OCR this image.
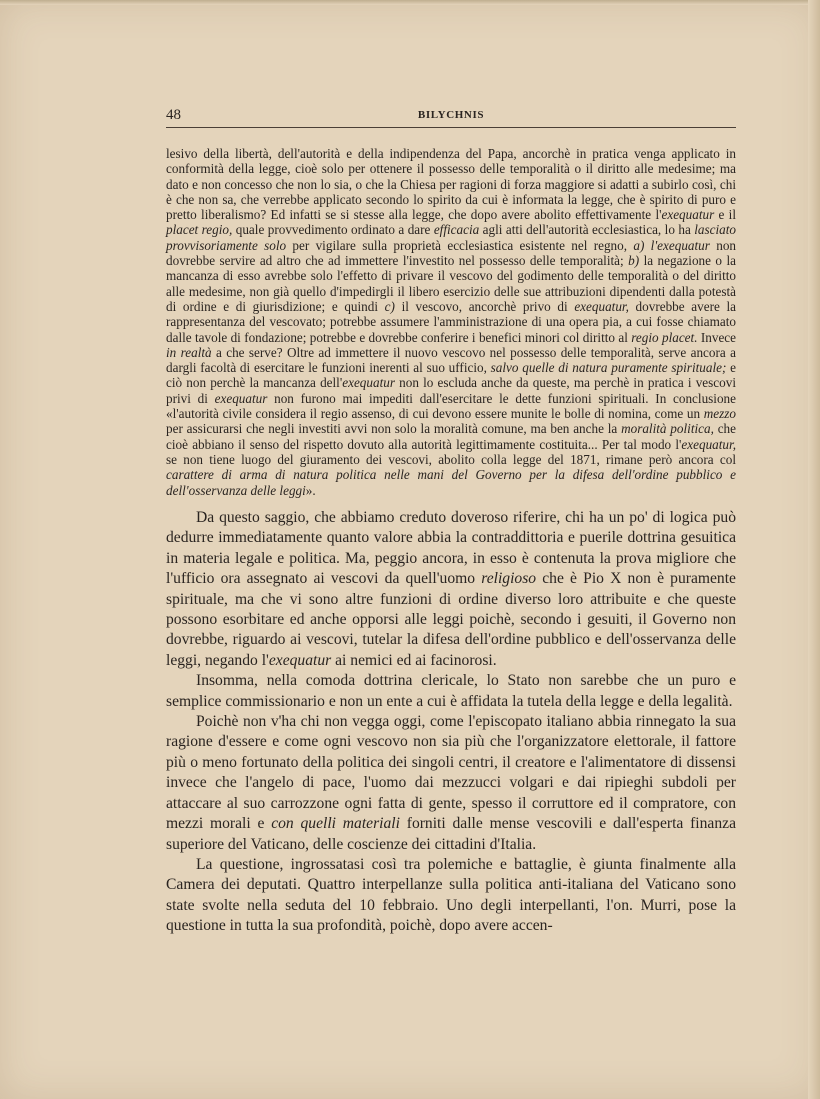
48	BILYCHNIS

lesivo della libertà, dell'autorità e della indipendenza del Papa, ancorchè in pratica venga applicato in conformità della legge, cioè solo per ottenere il possesso delle temporalità o il diritto alle medesime; ma dato e non concesso che non lo sia, o che la Chiesa per ragioni di forza maggiore si adatti a subirlo così, chi è che non sa, che verrebbe applicato secondo lo spirito da cui è informata la legge, che è spirito di puro e pretto liberalismo? Ed infatti se si stesse alla legge, che dopo avere abolito effettivamente l'exequatur e il placet regio, quale provvedimento ordinato a dare efficacia agli atti dell'autorità ecclesiastica, lo ha lasciato provvisoriamente solo per vigilare sulla proprietà ecclesiastica esistente nel regno, a) l'exequatur non dovrebbe servire ad altro che ad immettere l'investito nel possesso delle temporalità; b) la negazione o la mancanza di esso avrebbe solo l'effetto di privare il vescovo del godimento delle temporalità o del diritto alle medesime, non già quello d'impedirgli il libero esercizio delle sue attribuzioni dipendenti dalla potestà di ordine e di giurisdizione; e quindi c) il vescovo, ancorchè privo di exequatur, dovrebbe avere la rappresentanza del vescovato; potrebbe assumere l'amministrazione di una opera pia, a cui fosse chiamato dalle tavole di fondazione; potrebbe e dovrebbe conferire i benefici minori col diritto al regio placet. Invece in realtà a che serve? Oltre ad immettere il nuovo vescovo nel possesso delle temporalità, serve ancora a dargli facoltà di esercitare le funzioni inerenti al suo ufficio, salvo quelle di natura puramente spirituale; e ciò non perchè la mancanza dell'exequatur non lo escluda anche da queste, ma perchè in pratica i vescovi privi di exequatur non furono mai impediti dall'esercitare le dette funzioni spirituali. In conclusione «l'autorità civile considera il regio assenso, di cui devono essere munite le bolle di nomina, come un mezzo per assicurarsi che negli investiti avvi non solo la moralità comune, ma ben anche la moralità politica, che cioè abbiano il senso del rispetto dovuto alla autorità legittimamente costituita... Per tal modo l'exequatur, se non tiene luogo del giuramento dei vescovi, abolito colla legge del 1871, rimane però ancora col carattere di arma di natura politica nelle mani del Governo per la difesa dell'ordine pubblico e dell'osservanza delle leggi».

Da questo saggio, che abbiamo creduto doveroso riferire, chi ha un po' di logica può dedurre immediatamente quanto valore abbia la contraddittoria e puerile dottrina gesuitica in materia legale e politica. Ma, peggio ancora, in esso è contenuta la prova migliore che l'ufficio ora assegnato ai vescovi da quell'uomo religioso che è Pio X non è puramente spirituale, ma che vi sono altre funzioni di ordine diverso loro attribuite e che queste possono esorbitare ed anche opporsi alle leggi poichè, secondo i gesuiti, il Governo non dovrebbe, riguardo ai vescovi, tutelar la difesa dell'ordine pubblico e dell'osservanza delle leggi, negando l'exequatur ai nemici ed ai facinorosi.

Insomma, nella comoda dottrina clericale, lo Stato non sarebbe che un puro e semplice commissionario e non un ente a cui è affidata la tutela della legge e della legalità.

Poichè non v'ha chi non vegga oggi, come l'episcopato italiano abbia rinnegato la sua ragione d'essere e come ogni vescovo non sia più che l'organizzatore elettorale, il fattore più o meno fortunato della politica dei singoli centri, il creatore e l'alimentatore di dissensi invece che l'angelo di pace, l'uomo dai mezzucci volgari e dai ripieghi subdoli per attaccare al suo carrozzone ogni fatta di gente, spesso il corruttore ed il compratore, con mezzi morali e con quelli materiali forniti dalle mense vescovili e dall'esperta finanza superiore del Vaticano, delle coscienze dei cittadini d'Italia.

La questione, ingrossatasi così tra polemiche e battaglie, è giunta finalmente alla Camera dei deputati. Quattro interpellanze sulla politica anti-italiana del Vaticano sono state svolte nella seduta del 10 febbraio. Uno degli interpellanti, l'on. Murri, pose la questione in tutta la sua profondità, poichè, dopo avere accen-
